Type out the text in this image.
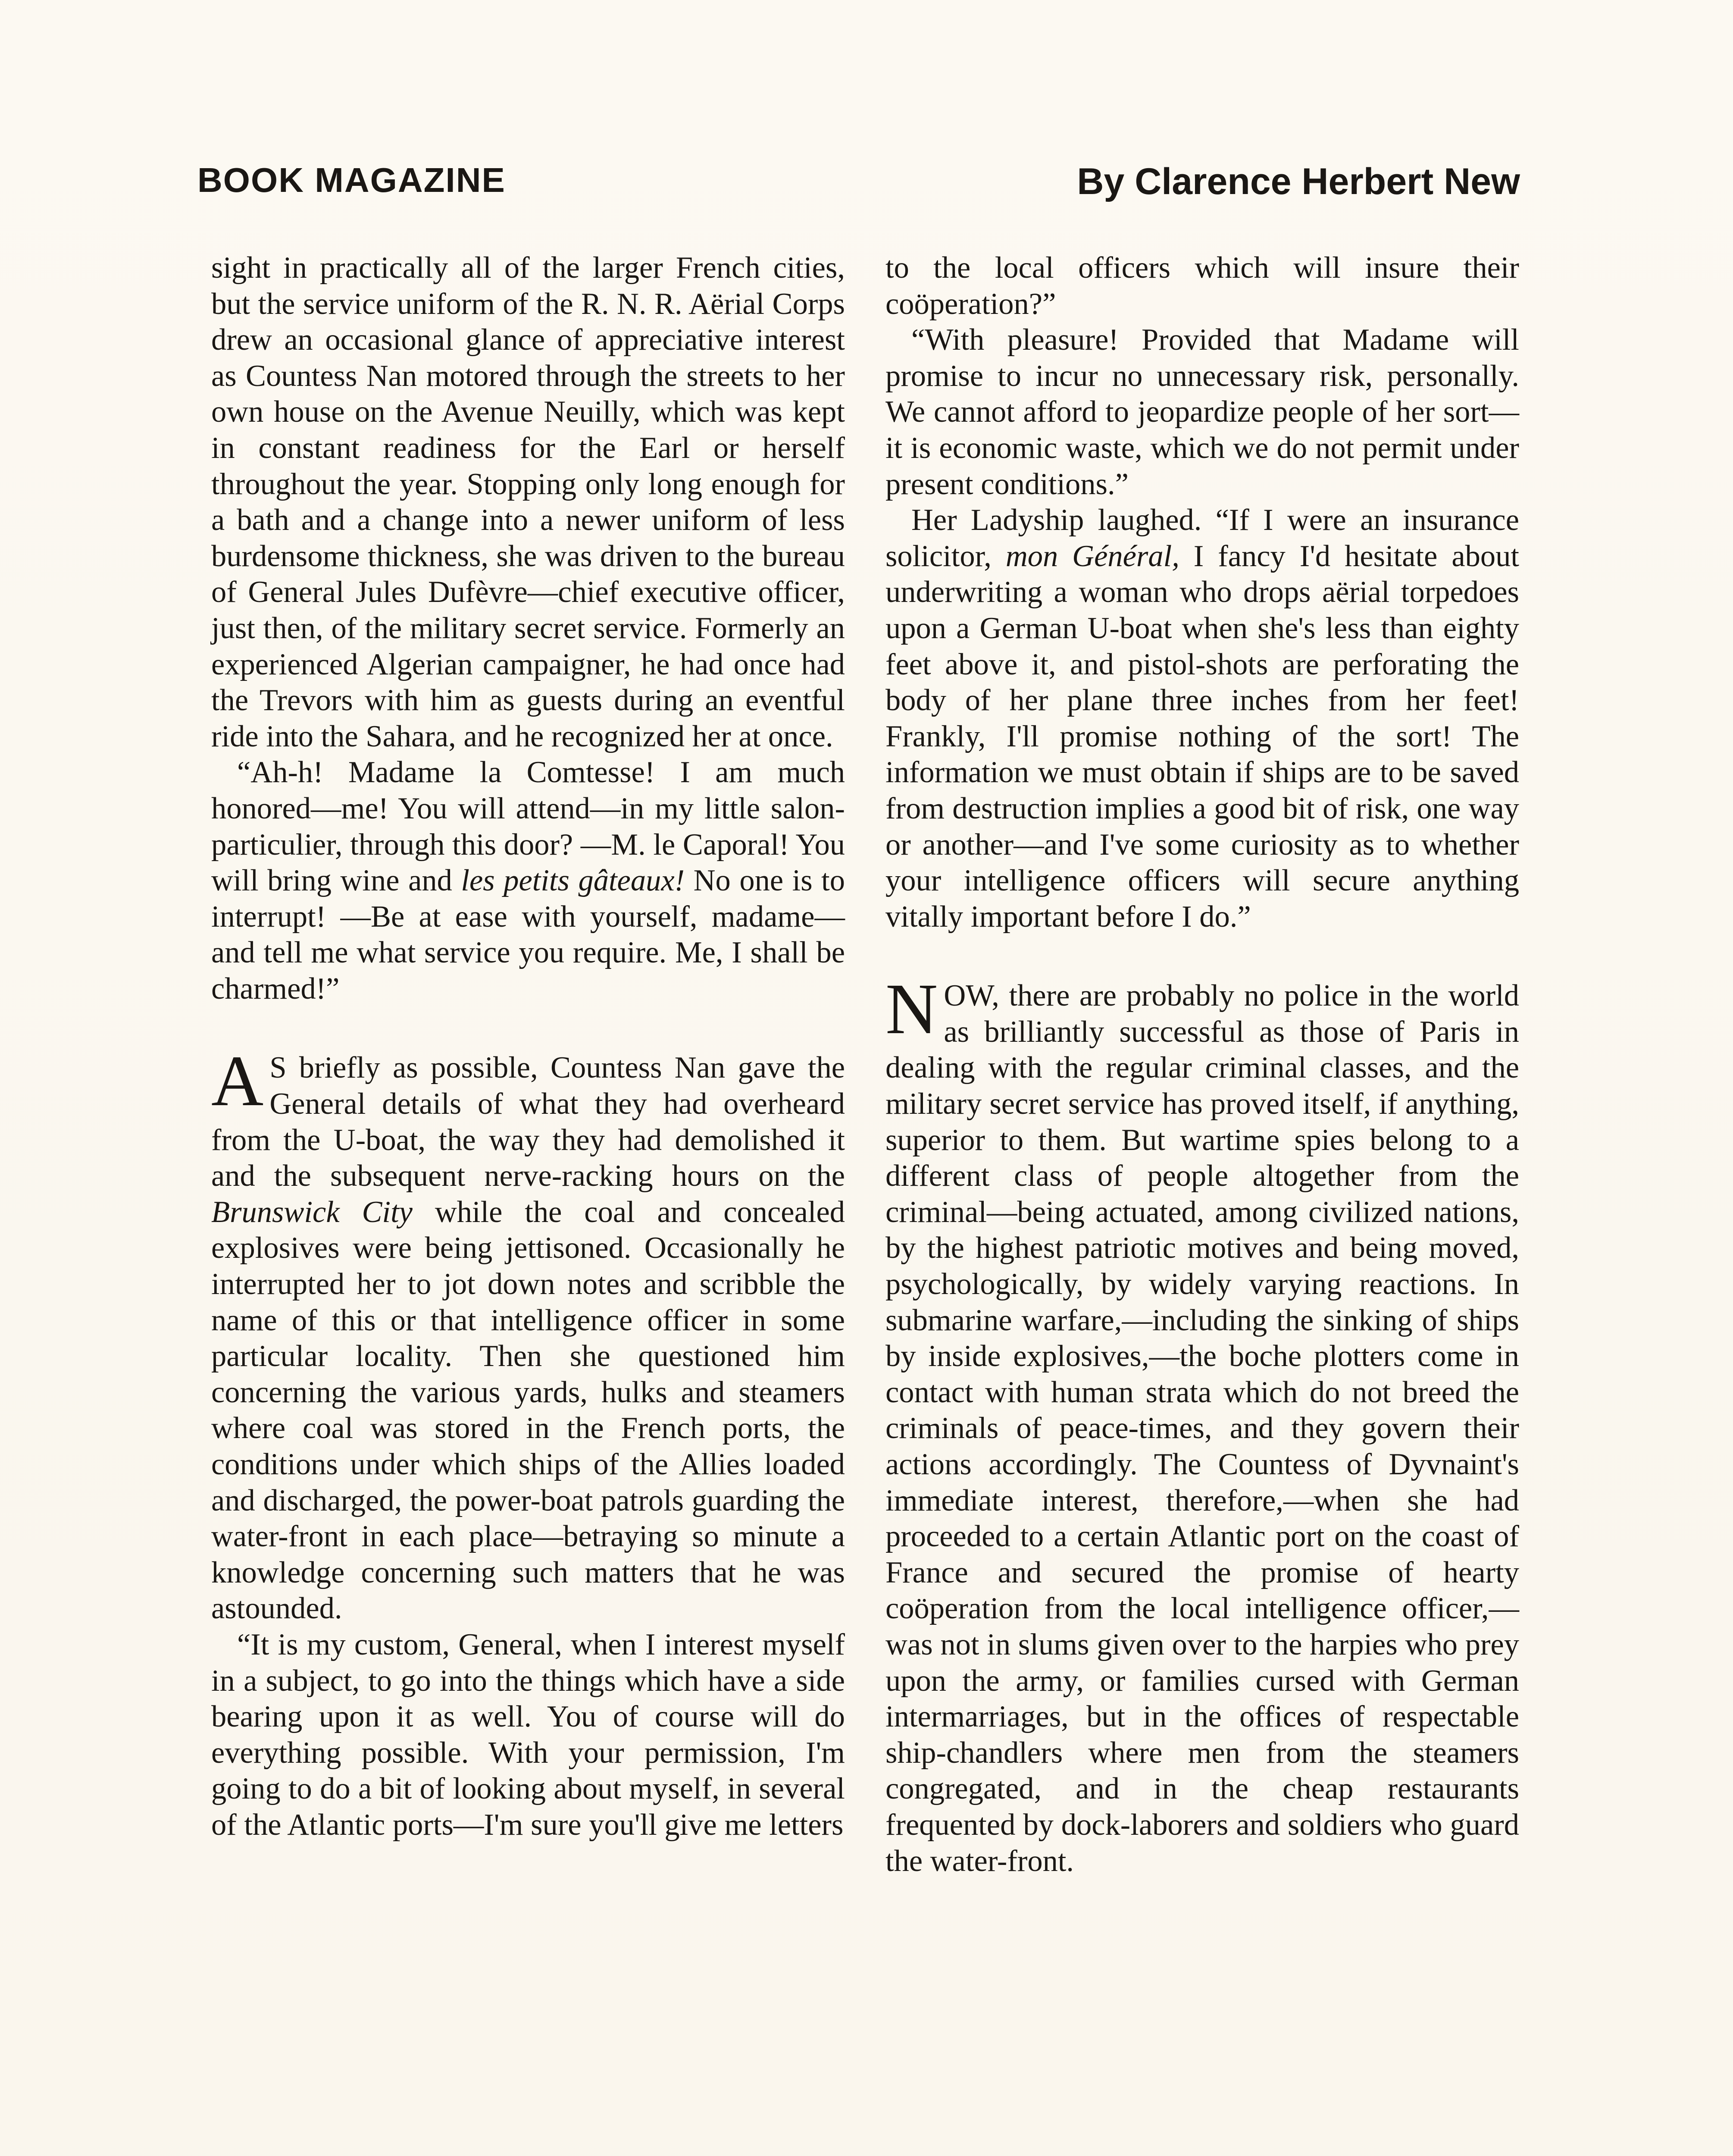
BOOK MAGAZINE	By Clarence Herbert New

sight in practically all of the larger French cities, but the service uniform of the R. N. R. Aërial Corps drew an occasional glance of appreciative interest as Countess Nan motored through the streets to her own house on the Avenue Neuilly, which was kept in constant readiness for the Earl or herself throughout the year. Stopping only long enough for a bath and a change into a newer uniform of less burdensome thickness, she was driven to the bureau of General Jules Dufèvre—chief executive officer, just then, of the military secret service. Formerly an experienced Algerian campaigner, he had once had the Trevors with him as guests during an eventful ride into the Sahara, and he recognized her at once.

“Ah-h! Madame la Comtesse! I am much honored—me! You will attend—in my little salon-particulier, through this door? —M. le Caporal! You will bring wine and les petits gâteaux! No one is to interrupt! —Be at ease with yourself, madame—and tell me what service you require. Me, I shall be charmed!”

A S briefly as possible, Countess Nan gave the General details of what they had overheard from the U-boat, the way they had demolished it and the subsequent nerve-racking hours on the Brunswick City while the coal and concealed explosives were being jettisoned. Occasionally he interrupted her to jot down notes and scribble the name of this or that intelligence officer in some particular locality. Then she questioned him concerning the various yards, hulks and steamers where coal was stored in the French ports, the conditions under which ships of the Allies loaded and discharged, the power-boat patrols guarding the water-front in each place—betraying so minute a knowledge concerning such matters that he was astounded.

“It is my custom, General, when I interest myself in a subject, to go into the things which have a side bearing upon it as well. You of course will do everything possible. With your permission, I'm going to do a bit of looking about myself, in several of the Atlantic ports—I'm sure you'll give me letters

to the local officers which will insure their coöperation?”

“With pleasure! Provided that Madame will promise to incur no unnecessary risk, personally. We cannot afford to jeopardize people of her sort—it is economic waste, which we do not permit under present conditions.”

Her Ladyship laughed. “If I were an insurance solicitor, mon Général, I fancy I'd hesitate about underwriting a woman who drops aërial torpedoes upon a German U-boat when she's less than eighty feet above it, and pistol-shots are perforating the body of her plane three inches from her feet! Frankly, I'll promise nothing of the sort! The information we must obtain if ships are to be saved from destruction implies a good bit of risk, one way or another—and I've some curiosity as to whether your intelligence officers will secure anything vitally important before I do.”

NOW, there are probably no police in the world as brilliantly successful as those of Paris in dealing with the regular criminal classes, and the military secret service has proved itself, if anything, superior to them. But wartime spies belong to a different class of people altogether from the criminal—being actuated, among civilized nations, by the highest patriotic motives and being moved, psychologically, by widely varying reactions. In submarine warfare,—including the sinking of ships by inside explosives,—the boche plotters come in contact with human strata which do not breed the criminals of peace-times, and they govern their actions accordingly. The Countess of Dyvnaint's immediate interest, therefore,—when she had proceeded to a certain Atlantic port on the coast of France and secured the promise of hearty coöperation from the local intelligence officer,—was not in slums given over to the harpies who prey upon the army, or families cursed with German intermarriages, but in the offices of respectable ship-chandlers where men from the steamers congregated, and in the cheap restaurants frequented by dock-laborers and soldiers who guard the water-front.
